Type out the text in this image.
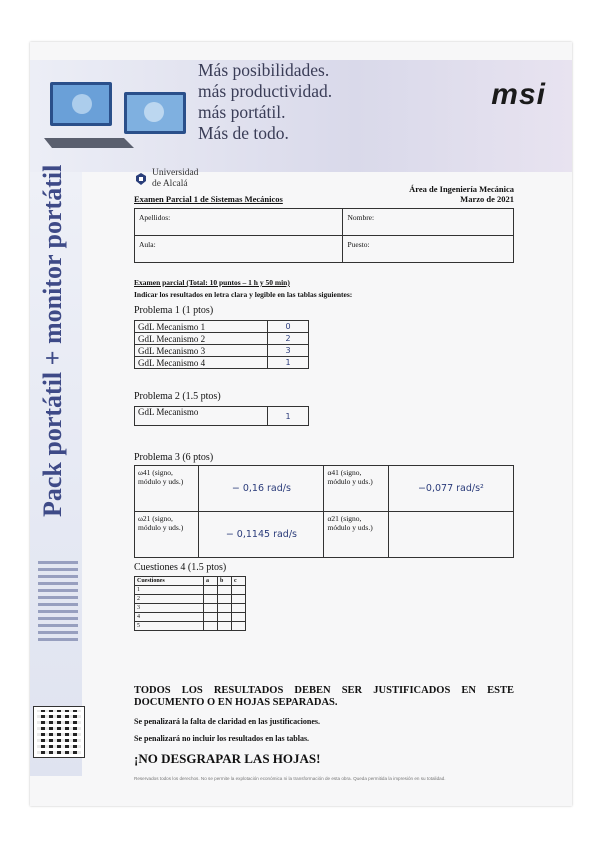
Más posibilidades.
más productividad.
más portátil.
Más de todo.
msi
Pack portátil + monitor portátil	Universidad
de Alcalá	Área de Ingeniería Mecánica
Marzo de 2021
Examen Parcial 1 de Sistemas Mecánicos
Apellidos:	Nombre:
Aula:	Puesto:
Examen parcial (Total: 10 puntos – 1 h y 50 min)
Indicar los resultados en letra clara y legible en las tablas siguientes:
Problema 1 (1 ptos)
GdL Mecanismo 1	0
GdL Mecanismo 2	2
GdL Mecanismo 3	3
GdL Mecanismo 4	1
Problema 2 (1.5 ptos)
GdL Mecanismo	1
Problema 3 (6 ptos)
ω41 (signo, módulo y uds.)	− 0,16 rad/s	α41 (signo, módulo y uds.)	−0,077 rad/s²
ω21 (signo, módulo y uds.)	− 0,1145 rad/s	α21 (signo, módulo y uds.)	
Cuestiones 4 (1.5 ptos)
Cuestiones	a	b	c
1			
2			
3			
4			
5			
TODOS LOS RESULTADOS DEBEN SER JUSTIFICADOS EN ESTE DOCUMENTO O EN HOJAS SEPARADAS.
Se penalizará la falta de claridad en las justificaciones.
Se penalizará no incluir los resultados en las tablas.
¡NO DESGRAPAR LAS HOJAS!
Reservados todos los derechos. No se permite la explotación económica ni la transformación de esta obra. Queda permitida la impresión en su totalidad.
